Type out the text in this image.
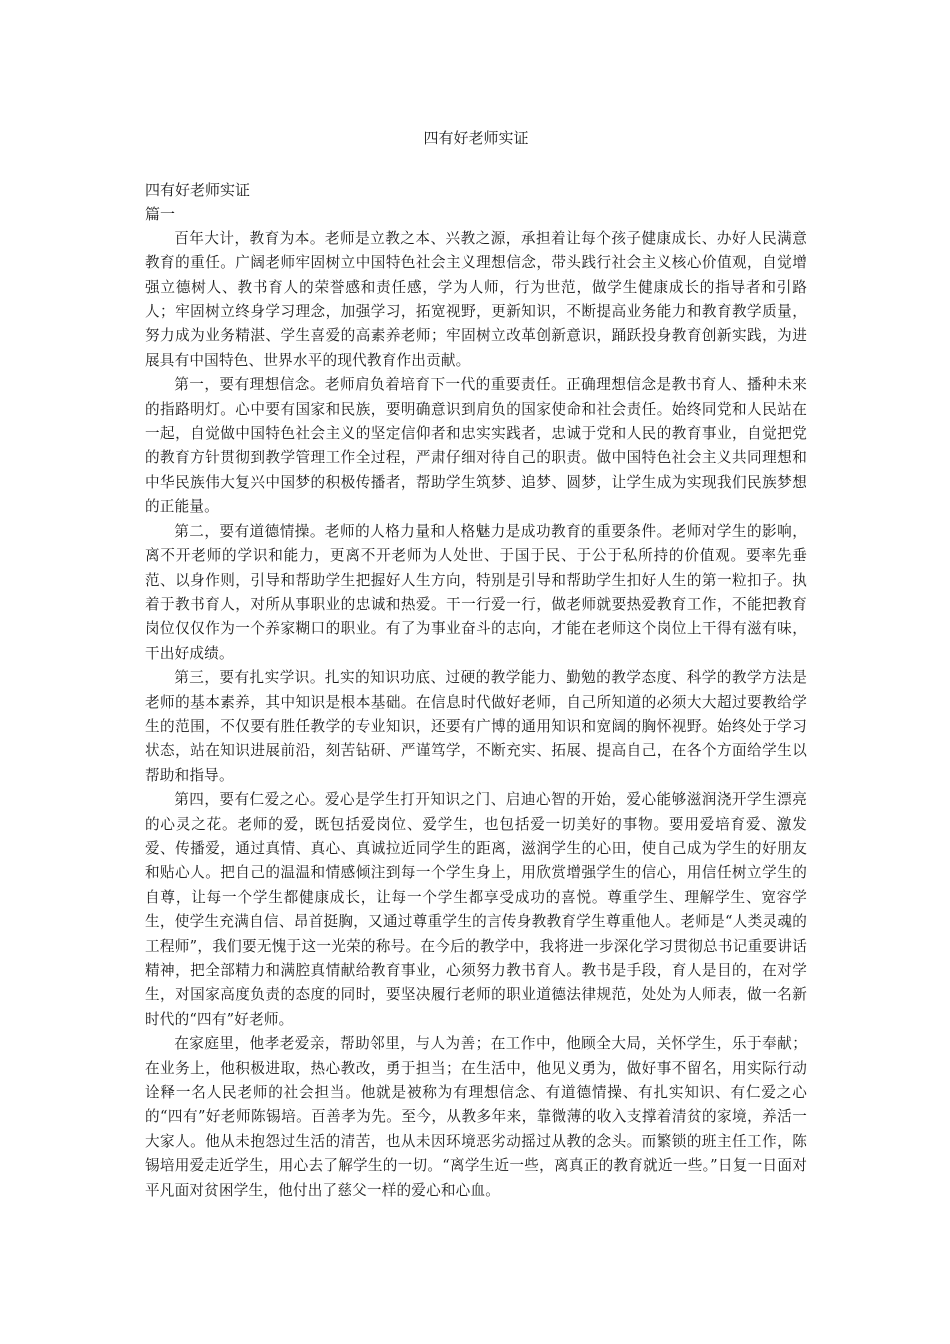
四有好老师实证

四有好老师实证

篇一

百年大计，教育为本。老师是立教之本、兴教之源，承担着让每个孩子健康成长、办好人民满意教育的重任。广阔老师牢固树立中国特色社会主义理想信念，带头践行社会主义核心价值观，自觉增强立德树人、教书育人的荣誉感和责任感，学为人师，行为世范，做学生健康成长的指导者和引路人；牢固树立终身学习理念，加强学习，拓宽视野，更新知识，不断提高业务能力和教育教学质量，努力成为业务精湛、学生喜爱的高素养老师；牢固树立改革创新意识，踊跃投身教育创新实践，为进展具有中国特色、世界水平的现代教育作出贡献。

第一，要有理想信念。老师肩负着培育下一代的重要责任。正确理想信念是教书育人、播种未来的指路明灯。心中要有国家和民族，要明确意识到肩负的国家使命和社会责任。始终同党和人民站在一起，自觉做中国特色社会主义的坚定信仰者和忠实实践者，忠诚于党和人民的教育事业，自觉把党的教育方针贯彻到教学管理工作全过程，严肃仔细对待自己的职责。做中国特色社会主义共同理想和中华民族伟大复兴中国梦的积极传播者，帮助学生筑梦、追梦、圆梦，让学生成为实现我们民族梦想的正能量。

第二，要有道德情操。老师的人格力量和人格魅力是成功教育的重要条件。老师对学生的影响，离不开老师的学识和能力，更离不开老师为人处世、于国于民、于公于私所持的价值观。要率先垂范、以身作则，引导和帮助学生把握好人生方向，特别是引导和帮助学生扣好人生的第一粒扣子。执着于教书育人，对所从事职业的忠诚和热爱。干一行爱一行，做老师就要热爱教育工作，不能把教育岗位仅仅作为一个养家糊口的职业。有了为事业奋斗的志向，才能在老师这个岗位上干得有滋有味，干出好成绩。

第三，要有扎实学识。扎实的知识功底、过硬的教学能力、勤勉的教学态度、科学的教学方法是老师的基本素养，其中知识是根本基础。在信息时代做好老师，自己所知道的必须大大超过要教给学生的范围，不仅要有胜任教学的专业知识，还要有广博的通用知识和宽阔的胸怀视野。始终处于学习状态，站在知识进展前沿，刻苦钻研、严谨笃学，不断充实、拓展、提高自己，在各个方面给学生以帮助和指导。

第四，要有仁爱之心。爱心是学生打开知识之门、启迪心智的开始，爱心能够滋润浇开学生漂亮的心灵之花。老师的爱，既包括爱岗位、爱学生，也包括爱一切美好的事物。要用爱培育爱、激发爱、传播爱，通过真情、真心、真诚拉近同学生的距离，滋润学生的心田，使自己成为学生的好朋友和贴心人。把自己的温温和情感倾注到每一个学生身上，用欣赏增强学生的信心，用信任树立学生的自尊，让每一个学生都健康成长，让每一个学生都享受成功的喜悦。尊重学生、理解学生、宽容学生，使学生充满自信、昂首挺胸，又通过尊重学生的言传身教教育学生尊重他人。老师是“人类灵魂的工程师”，我们要无愧于这一光荣的称号。在今后的教学中，我将进一步深化学习贯彻总书记重要讲话精神，把全部精力和满腔真情献给教育事业，心须努力教书育人。教书是手段，育人是目的，在对学生，对国家高度负责的态度的同时，要坚决履行老师的职业道德法律规范，处处为人师表，做一名新时代的“四有”好老师。

在家庭里，他孝老爱亲，帮助邻里，与人为善；在工作中，他顾全大局，关怀学生，乐于奉献；在业务上，他积极进取，热心教改，勇于担当；在生活中，他见义勇为，做好事不留名，用实际行动诠释一名人民老师的社会担当。他就是被称为有理想信念、有道德情操、有扎实知识、有仁爱之心的“四有”好老师陈锡培。百善孝为先。至今，从教多年来，靠微薄的收入支撑着清贫的家境，养活一大家人。他从未抱怨过生活的清苦，也从未因环境恶劣动摇过从教的念头。而繁锁的班主任工作，陈锡培用爱走近学生，用心去了解学生的一切。“离学生近一些，离真正的教育就近一些。”日复一日面对平凡面对贫困学生，他付出了慈父一样的爱心和心血。
